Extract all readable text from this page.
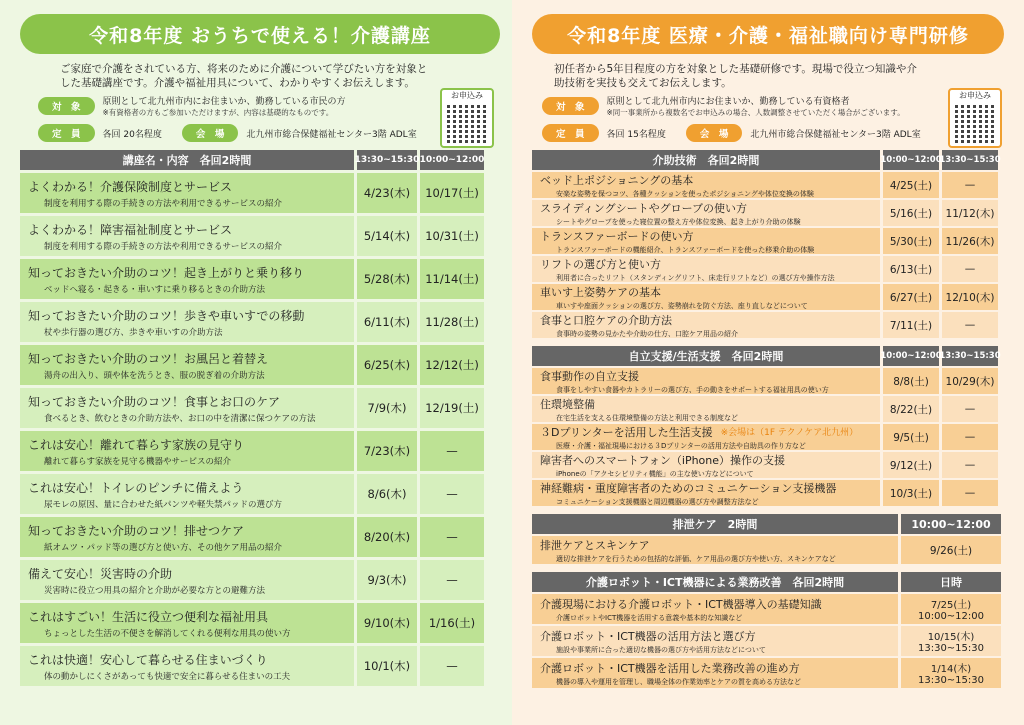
令和8年度 おうちで使える！介護講座
ご家庭で介護をされている方、将来のために介護について学びたい方を対象とした基礎講座です。介護や福祉用具について、わかりやすくお伝えします。
対　象	原則として北九州市内にお住まいか、勤務している市民の方
※有資格者の方もご参加いただけますが、内容は基礎的なものです。
定　員	各回 20名程度	会　場	北九州市総合保健福祉センター3階 ADL室
お申込み
講座名・内容　各回2時間	13:30~15:30 10:00~12:00
よくわかる！介護保険制度とサービス
制度を利用する際の手続きの方法や利用できるサービスの紹介
4/23(木)	10/17(土)
よくわかる！障害福祉制度とサービス
制度を利用する際の手続きの方法や利用できるサービスの紹介
5/14(木)	10/31(土)
知っておきたい介助のコツ！起き上がりと乗り移り
ベッドへ寝る・起きる・車いすに乗り移るときの介助方法
5/28(木)	11/14(土)
知っておきたい介助のコツ！歩きや車いすでの移動
杖や歩行器の選び方、歩きや車いすの介助方法
6/11(木)	11/28(土)
知っておきたい介助のコツ！お風呂と着替え
湯舟の出入り、頭や体を洗うとき、服の脱ぎ着の介助方法
6/25(木)	12/12(土)
知っておきたい介助のコツ！食事とお口のケア
食べるとき、飲むときの介助方法や、お口の中を清潔に保つケアの方法
7/9(木)	12/19(土)
これは安心！離れて暮らす家族の見守り
離れて暮らす家族を見守る機器やサービスの紹介
7/23(木)	—
これは安心！トイレのピンチに備えよう
尿モレの原因、量に合わせた紙パンツや軽失禁パッドの選び方
8/6(木)	—
知っておきたい介助のコツ！排せつケア
紙オムツ・パッド等の選び方と使い方、その他ケア用品の紹介
8/20(木)	—
備えて安心！災害時の介助
災害時に役立つ用具の紹介と介助が必要な方との避難方法
9/3(木)	—
これはすごい！生活に役立つ便利な福祉用具
ちょっとした生活の不便さを解消してくれる便利な用具の使い方
9/10(木)	1/16(土)
これは快適！安心して暮らせる住まいづくり
体の動かしにくさがあっても快適で安全に暮らせる住まいの工夫
10/1(木)	—
令和8年度 医療・介護・福祉職向け専門研修
初任者から5年目程度の方を対象とした基礎研修です。現場で役立つ知識や介助技術を実技も交えてお伝えします。
対　象	原則として北九州市内にお住まいか、勤務している有資格者
※同一事業所から複数名でお申込みの場合、人数調整させていただく場合がございます。
定　員	各回 15名程度	会　場	北九州市総合保健福祉センター3階 ADL室
お申込み
介助技術　各回2時間	10:00~12:00
13:30~15:30
ベッド上ポジショニングの基本
安楽な姿勢を保つコツ、各種クッションを使ったポジショニングや体位変換の体験
4/25(土)	—
スライディングシートやグローブの使い方
シートやグローブを使った寝位置の整え方や体位変換、起き上がり介助の体験
5/16(土)	11/12(木)
トランスファーボードの使い方
トランスファーボードの機能紹介、トランスファーボードを使った移乗介助の体験
5/30(土)	11/26(木)
リフトの選び方と使い方
利用者に合ったリフト（スタンディングリフト、床走行リフトなど）の選び方や操作方法
6/13(土)	—
車いす上姿勢ケアの基本
車いすや座面クッションの選び方、姿勢崩れを防ぐ方法、座り直しなどについて
6/27(土)	12/10(木)
食事と口腔ケアの介助方法
食事時の姿勢の見かたや介助の仕方、口腔ケア用品の紹介
7/11(土)	—
自立支援/生活支援　各回2時間	10:00~12:00
13:30~15:30
食事動作の自立支援
食事をしやすい食器やカトラリーの選び方、手の動きをサポートする福祉用具の使い方
8/8(土)	10/29(木)
住環境整備
在宅生活を支える住環境整備の方法と利用できる制度など
8/22(土)	—
３Dプリンターを活用した生活支援 ※会場は（1F テクノケア北九州）
医療・介護・福祉現場における３Dプリンターの活用方法や自助具の作り方など
9/5(土)	—
障害者へのスマートフォン（iPhone）操作の支援
iPhoneの「アクセシビリティ機能」の主な使い方などについて
9/12(土)	—
神経難病・重度障害者のためのコミュニケーション支援機器
コミュニケーション支援機器と周辺機器の選び方や調整方法など
10/3(土)	—
排泄ケア　2時間	10:00~12:00
排泄ケアとスキンケア
適切な排泄ケアを行うための包括的な評価、ケア用品の選び方や使い方、スキンケアなど
9/26(土)
介護ロボット・ICT機器による業務改善　各回2時間	日時
介護現場における介護ロボット・ICT機器導入の基礎知識
介護ロボットやICT機器を活用する意義や基本的な知識など
7/25(土)
10:00~12:00
介護ロボット・ICT機器の活用方法と選び方
施設や事業所に合った適切な機器の選び方や活用方法などについて
10/15(木)
13:30~15:30
介護ロボット・ICT機器を活用した業務改善の進め方
機器の導入や運用を管理し、職場全体の作業効率とケアの質を高める方法など
1/14(木)
13:30~15:30
